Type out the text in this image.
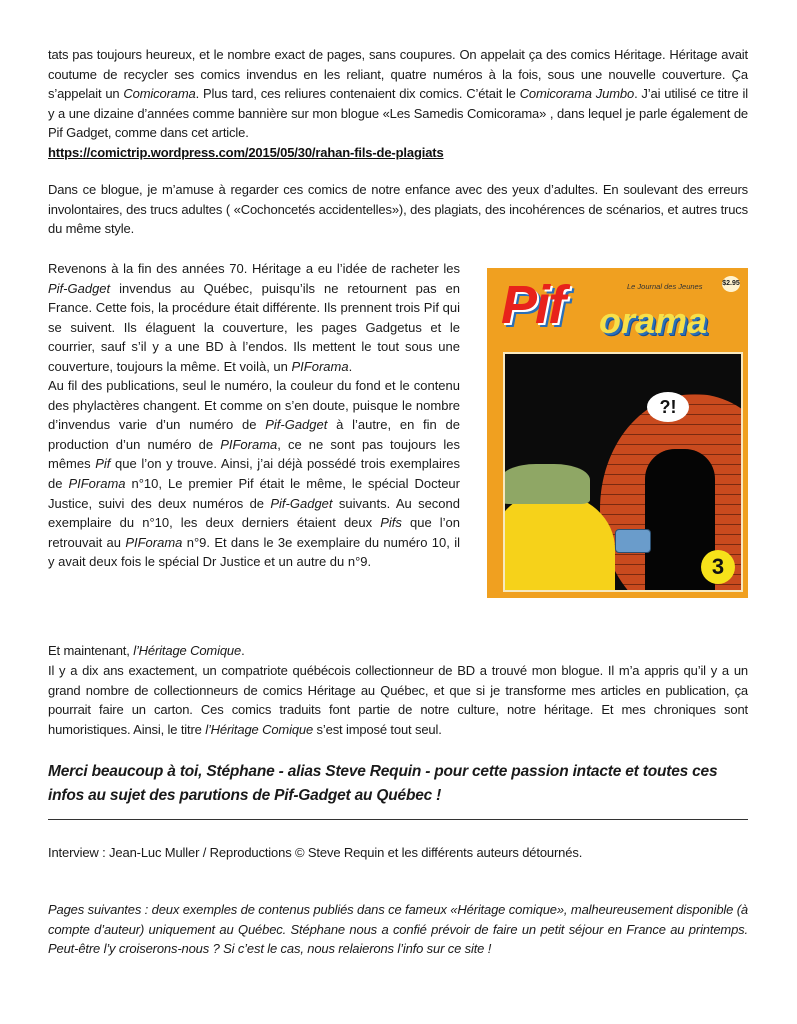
tats pas toujours heureux, et le nombre exact de pages, sans coupures. On appelait ça des comics Héritage. Héritage avait coutume de recycler ses comics invendus en les reliant, quatre numéros à la fois, sous une nouvelle couverture. Ça s’appelait un Comicorama. Plus tard, ces reliures contenaient dix comics. C’était le Comicorama Jumbo. J’ai utilisé ce titre il y a une dizaine d’années comme bannière sur mon blogue «Les Samedis Comicorama» , dans lequel je parle également de Pif Gadget, comme dans cet article.
https://comictrip.wordpress.com/2015/05/30/rahan-fils-de-plagiats
Dans ce blogue, je m’amuse à regarder ces comics de notre enfance avec des yeux d’adultes. En soulevant des erreurs involontaires, des trucs adultes ( «Cochoncetés accidentelles»), des plagiats, des incohérences de scénarios, et autres trucs du même style.
Revenons à la fin des années 70. Héritage a eu l’idée de racheter les Pif-Gadget invendus au Québec, puisqu’ils ne retournent pas en France. Cette fois, la procédure était différente. Ils prennent trois Pif qui se suivent. Ils élaguent la couverture, les pages Gadgetus et le courrier, sauf s’il y a une BD à l’endos. Ils mettent le tout sous une couverture, toujours la même. Et voilà, un PIForama.
Au fil des publications, seul le numéro, la couleur du fond et le contenu des phylactères changent. Et comme on s’en doute, puisque le nombre d’invendus varie d’un numéro de Pif-Gadget à l’autre, en fin de production d’un numéro de PIForama, ce ne sont pas toujours les mêmes Pif que l’on y trouve. Ainsi, j’ai déjà possédé trois exemplaires de PIForama n°10, Le premier Pif était le même, le spécial Docteur Justice, suivi des deux numéros de Pif-Gadget suivants. Au second exemplaire du n°10, les deux derniers étaient deux Pifs que l’on retrouvait au PIForama n°9. Et dans le 3e exemplaire du numéro 10, il y avait deux fois le spécial Dr Justice et un autre du n°9.
Et maintenant, l’Héritage Comique.
Il y a dix ans exactement, un compatriote québécois collectionneur de BD a trouvé mon blogue. Il m’a appris qu’il y a un grand nombre de collectionneurs de comics Héritage au Québec, et que si je transforme mes articles en publication, ça pourrait faire un carton. Ces comics traduits font partie de notre culture, notre héritage. Et mes chroniques sont humoristiques. Ainsi, le titre l’Héritage Comique s’est imposé tout seul.
Merci beaucoup à toi, Stéphane - alias Steve Requin - pour cette passion intacte et toutes ces infos au sujet des parutions de Pif-Gadget au Québec !
Interview : Jean-Luc Muller / Reproductions © Steve Requin et les différents auteurs détournés.
Pages suivantes : deux exemples de contenus publiés dans ce fameux «Héritage comique», malheureusement disponible (à compte d’auteur) uniquement au Québec. Stéphane nous a confié prévoir de faire un petit séjour en France au printemps. Peut-être l’y croiserons-nous ? Si c’est le cas, nous relaierons l’info sur ce site !
Pif orama
Le Journal des Jeunes	$2.95
?!
3
